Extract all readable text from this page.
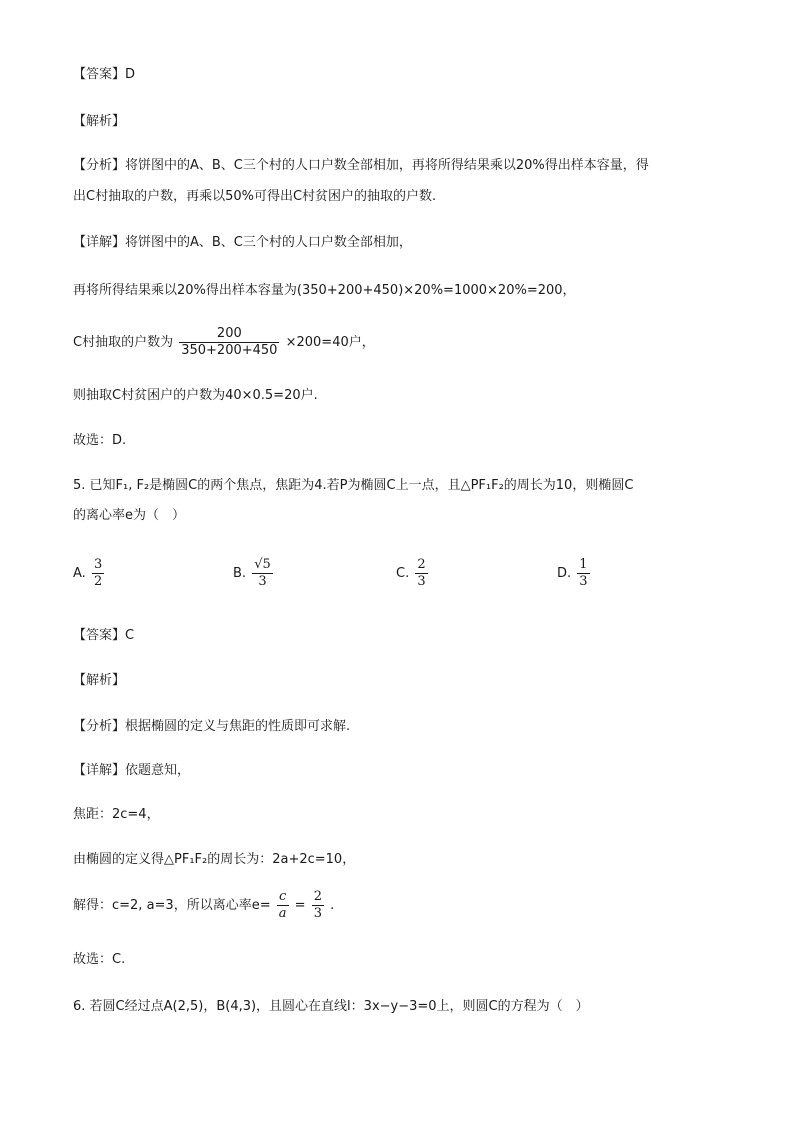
【答案】D
【解析】
【分析】将饼图中的A、B、C三个村的人口户数全部相加，再将所得结果乘以20%得出样本容量，得
出C村抽取的户数，再乘以50%可得出C村贫困户的抽取的户数.
【详解】将饼图中的A、B、C三个村的人口户数全部相加，
再将所得结果乘以20%得出样本容量为(350+200+450)×20%=1000×20%=200，
C村抽取的户数为 $\frac{200}{350+200+450} \times 200=40$户，
则抽取C村贫困户的户数为40×0.5=20户.
故选：D.
5. 已知F₁, F₂是椭圆C的两个焦点，焦距为4.若P为椭圆C上一点，且△PF₁F₂的周长为10，则椭圆C
的离心率e为（　）
A. $\frac{3}{2}$	B. $\frac{√5}{3}$	C. $\frac{2}{3}$	D. $\frac{1}{3}$
【答案】C
【解析】
【分析】根据椭圆的定义与焦距的性质即可求解.
【详解】依题意知，
焦距：2c=4，
由椭圆的定义得△PF₁F₂的周长为：2a+2c=10，
解得：c=2, a=3，所以离心率$e= \frac{c}{a} = \frac{2}{3}$ .
故选：C.
6. 若圆C经过点A(2,5)，B(4,3)，且圆心在直线l：3x−y−3=0上，则圆C的方程为（　）
